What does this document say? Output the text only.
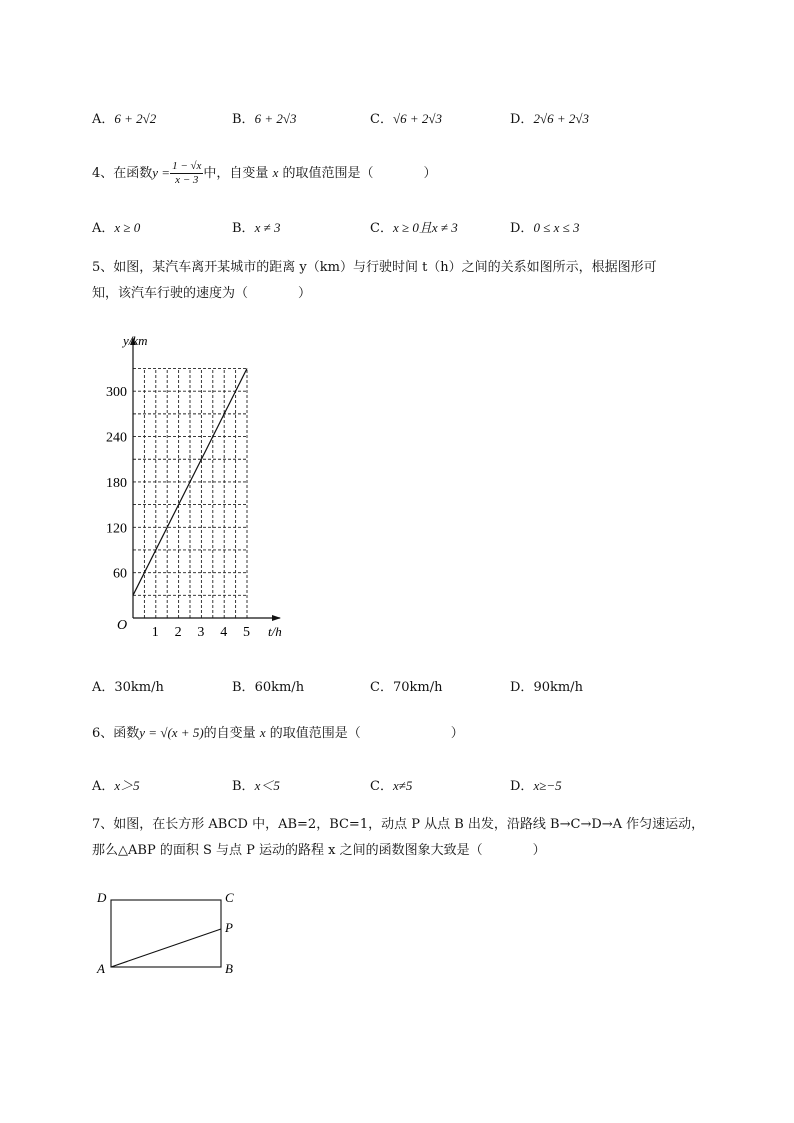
A．6 + 2√2	B．6 + 2√3	C．√6 + 2√3	D．2√6 + 2√3
4、在函数$y = \frac{1 - √x}{x - 3}$ 中，自变量 x 的取值范围是（	）
A．x ≥ 0	B．x ≠ 3	C．x ≥ 0且x ≠ 3	D．0 ≤ x ≤ 3
5、如图，某汽车离开某城市的距离 y（km）与行驶时间 t（h）之间的关系如图所示，根据图形可
知，该汽车行驶的速度为（	）
1 2 3 4 5
60
120
180
240
300
y/km
t/h
O
A．30km/h	B．60km/h	C．70km/h	D．90km/h
6、函数y = √(x + 5)的自变量 x 的取值范围是（	）
A．x＞5	B．x＜5	C．x≠5	D．x≥−5
7、如图，在长方形 ABCD 中，AB=2，BC=1，动点 P 从点 B 出发，沿路线 B→C→D→A 作匀速运动，
那么△ABP 的面积 S 与点 P 运动的路程 x 之间的函数图象大致是（	）
D	C
P
A	B
